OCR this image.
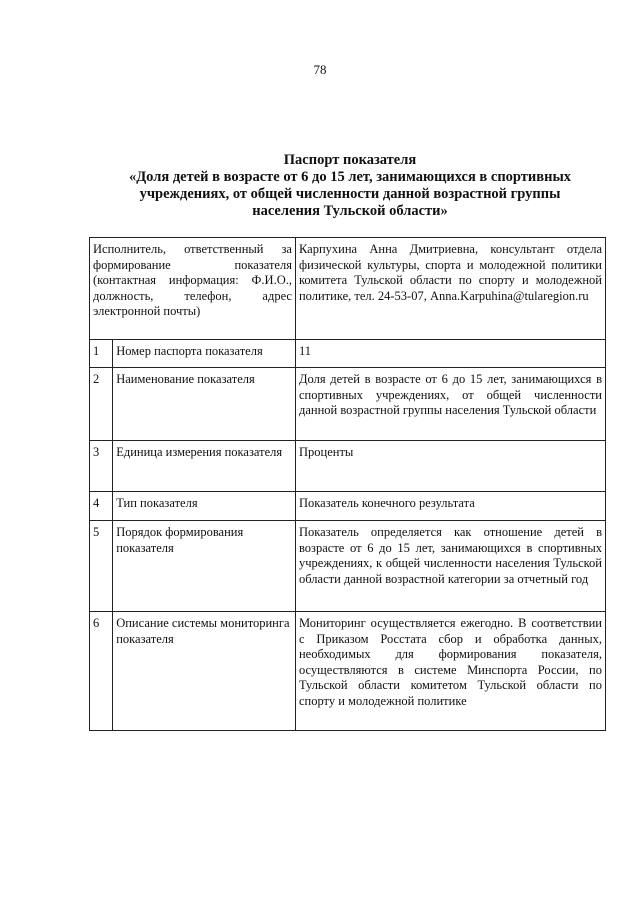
78
Паспорт показателя
«Доля детей в возрасте от 6 до 15 лет, занимающихся в спортивных
учреждениях, от общей численности данной возрастной группы
населения Тульской области»
Исполнитель, ответственный за формирование показателя (контактная информация: Ф.И.О., должность, телефон, адрес электронной почты)		Карпухина Анна Дмитриевна, консультант отдела физической культуры, спорта и молодежной политики комитета Тульской области по спорту и молодежной политике, тел. 24-53-07, Anna.Karpuhina@tularegion.ru
1	Номер паспорта показателя	11
2	Наименование показателя	Доля детей в возрасте от 6 до 15 лет, занимающихся в спортивных учреждениях, от общей численности данной возрастной группы населения Тульской области
3	Единица измерения показателя	Проценты
4	Тип показателя	Показатель конечного результата
5	Порядок формирования показателя	Показатель определяется как отношение детей в возрасте от 6 до 15 лет, занимающихся в спортивных учреждениях, к общей численности населения Тульской области данной возрастной категории за отчетный год
6	Описание системы мониторинга показателя	Мониторинг осуществляется ежегодно. В соответствии с Приказом Росстата сбор и обработка данных, необходимых для формирования показателя, осуществляются в системе Минспорта России, по Тульской области комитетом Тульской области по спорту и молодежной политике
